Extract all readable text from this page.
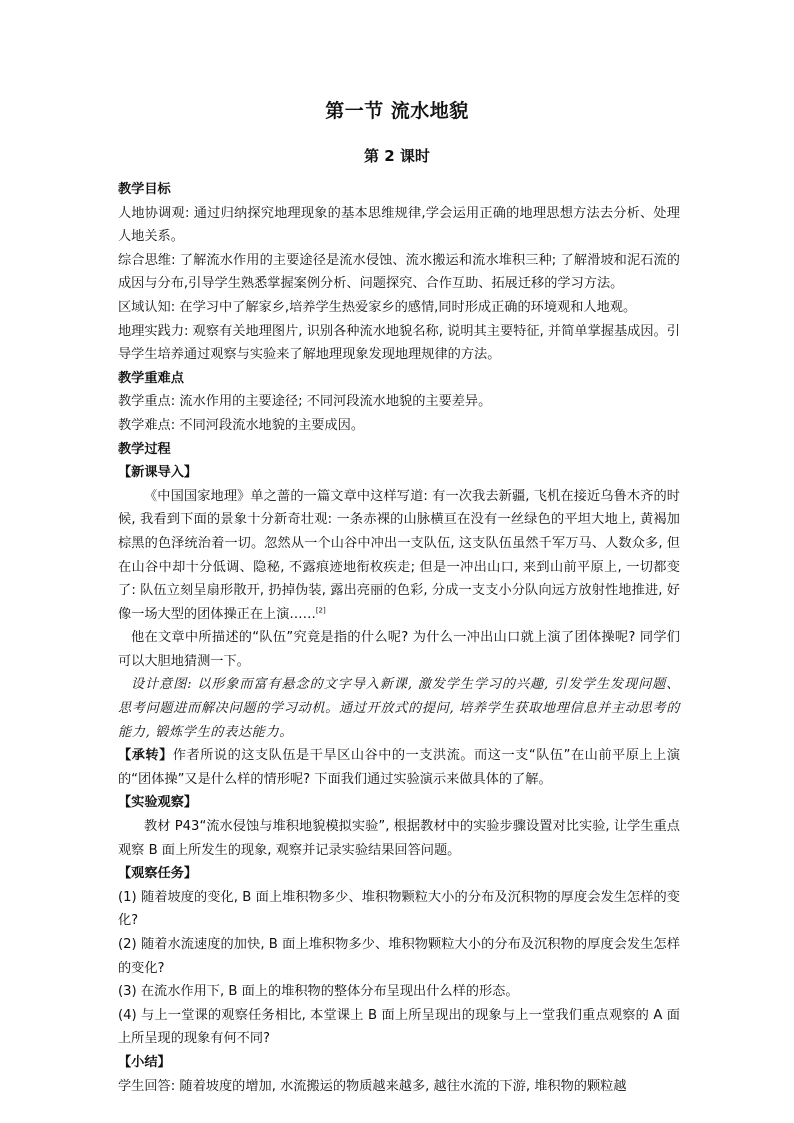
第一节 流水地貌
第 2 课时

教学目标

人地协调观: 通过归纳探究地理现象的基本思维规律,学会运用正确的地理思想方法去分析、处理人地关系。

综合思维: 了解流水作用的主要途径是流水侵蚀、流水搬运和流水堆积三种; 了解滑坡和泥石流的成因与分布,引导学生熟悉掌握案例分析、问题探究、合作互助、拓展迁移的学习方法。

区域认知: 在学习中了解家乡,培养学生热爱家乡的感情,同时形成正确的环境观和人地观。

地理实践力: 观察有关地理图片, 识别各种流水地貌名称, 说明其主要特征, 并简单掌握基成因。引导学生培养通过观察与实验来了解地理现象发现地理规律的方法。

教学重难点

教学重点: 流水作用的主要途径; 不同河段流水地貌的主要差异。

教学难点: 不同河段流水地貌的主要成因。

教学过程

【新课导入】

《中国国家地理》单之蔷的一篇文章中这样写道: 有一次我去新疆, 飞机在接近乌鲁木齐的时候, 我看到下面的景象十分新奇壮观: 一条赤裸的山脉横亘在没有一丝绿色的平坦大地上, 黄褐加棕黑的色泽统治着一切。忽然从一个山谷中冲出一支队伍, 这支队伍虽然千军万马、人数众多, 但在山谷中却十分低调、隐秘, 不露痕迹地衔枚疾走; 但是一冲出山口, 来到山前平原上, 一切都变了: 队伍立刻呈扇形散开, 扔掉伪装, 露出亮丽的色彩, 分成一支支小分队向远方放射性地推进, 好像一场大型的团体操正在上演……[2]

他在文章中所描述的“队伍”究竟是指的什么呢? 为什么一冲出山口就上演了团体操呢? 同学们可以大胆地猜测一下。

设计意图: 以形象而富有悬念的文字导入新课, 激发学生学习的兴趣, 引发学生发现问题、思考问题进而解决问题的学习动机。通过开放式的提问, 培养学生获取地理信息并主动思考的能力, 锻炼学生的表达能力。

【承转】作者所说的这支队伍是干旱区山谷中的一支洪流。而这一支“队伍”在山前平原上上演的“团体操”又是什么样的情形呢? 下面我们通过实验演示来做具体的了解。

【实验观察】

教材 P43“流水侵蚀与堆积地貌模拟实验”, 根据教材中的实验步骤设置对比实验, 让学生重点观察 B 面上所发生的现象, 观察并记录实验结果回答问题。

【观察任务】

(1) 随着坡度的变化, B 面上堆积物多少、堆积物颗粒大小的分布及沉积物的厚度会发生怎样的变化?

(2) 随着水流速度的加快, B 面上堆积物多少、堆积物颗粒大小的分布及沉积物的厚度会发生怎样的变化?

(3) 在流水作用下, B 面上的堆积物的整体分布呈现出什么样的形态。

(4) 与上一堂课的观察任务相比, 本堂课上 B 面上所呈现出的现象与上一堂我们重点观察的 A 面上所呈现的现象有何不同?

【小结】

学生回答: 随着坡度的增加, 水流搬运的物质越来越多, 越往水流的下游, 堆积物的颗粒越
